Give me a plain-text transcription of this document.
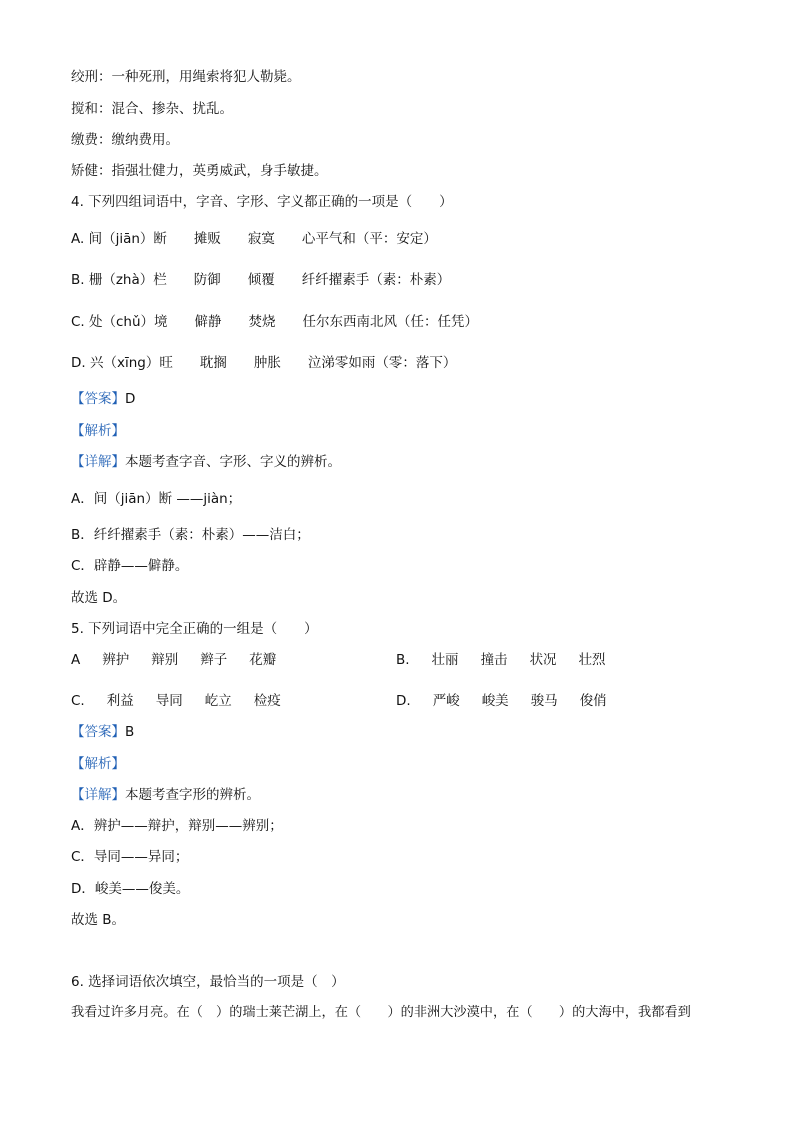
绞刑：一种死刑，用绳索将犯人勒毙。
搅和：混合、掺杂、扰乱。
缴费：缴纳费用。
矫健：指强壮健力，英勇威武，身手敏捷。
4. 下列四组词语中，字音、字形、字义都正确的一项是（　　）
A. 间（jiān）断　　摊贩　　寂寞　　心平气和（平：安定）
B. 栅（zhà）栏　　防御　　倾覆　　纤纤擢素手（素：朴素）
C. 处（chǔ）境　　僻静　　焚烧　　任尔东西南北风（任：任凭）
D. 兴（xīng）旺　　耽搁　　肿胀　　泣涕零如雨（零：落下）
【答案】D
【解析】
【详解】本题考查字音、字形、字义的辨析。
A．间（jiān）断 ——jiàn；
B．纤纤擢素手（素：朴素）——洁白；
C．辟静——僻静。
故选 D。
5. 下列词语中完全正确的一组是（　　）
A 辨护 辩别 辫子 花瓣	B. 壮丽 撞击 状况 壮烈
C. 利益 导同 屹立 检疫	D. 严峻 峻美 骏马 俊俏
【答案】B
【解析】
【详解】本题考查字形的辨析。
A．辨护——辩护，辩别——辨别；
C．导同——异同；
D．峻美——俊美。
故选 B。
6. 选择词语依次填空，最恰当的一项是（　）
我看过许多月亮。在（　）的瑞士莱芒湖上，在（　　）的非洲大沙漠中，在（　　）的大海中，我都看到
